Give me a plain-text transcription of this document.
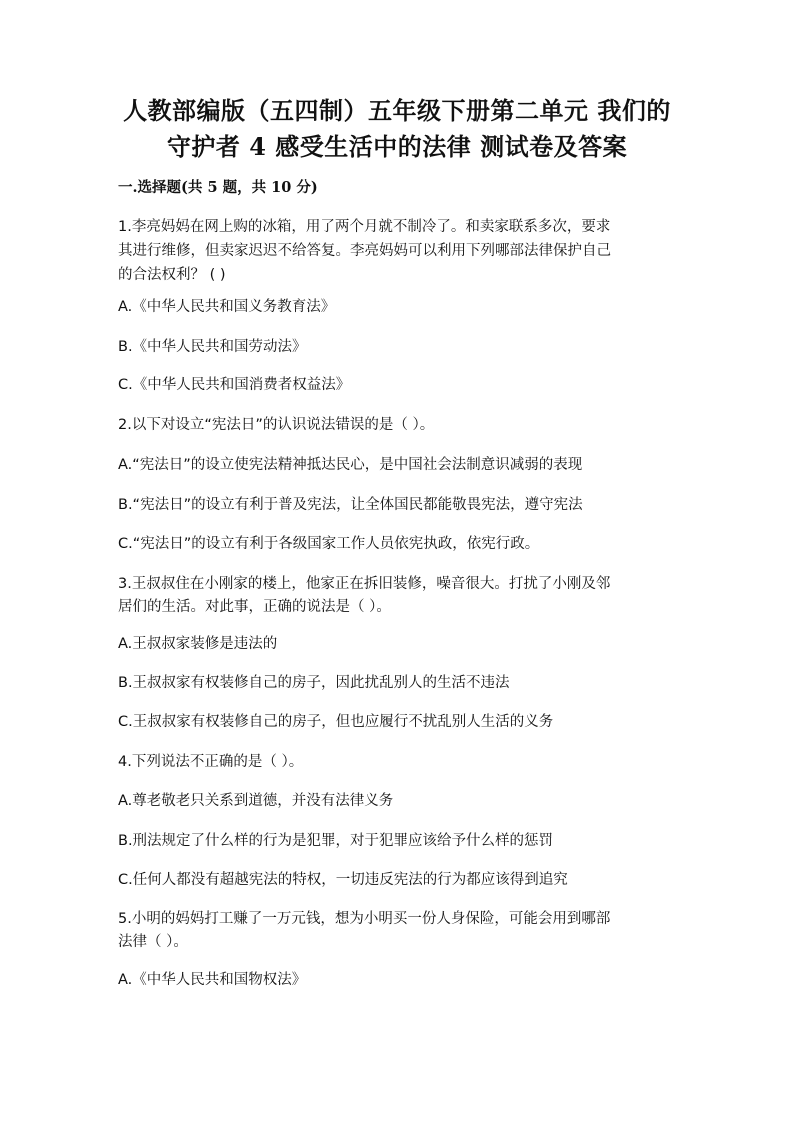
人教部编版（五四制）五年级下册第二单元 我们的
守护者 4 感受生活中的法律 测试卷及答案
一.选择题(共 5 题，共 10 分)
1.李亮妈妈在网上购的冰箱，用了两个月就不制冷了。和卖家联系多次，要求
其进行维修，但卖家迟迟不给答复。李亮妈妈可以利用下列哪部法律保护自己
的合法权利？ ( )
A.《中华人民共和国义务教育法》
B.《中华人民共和国劳动法》
C.《中华人民共和国消费者权益法》
2.以下对设立“宪法日”的认识说法错误的是（ ）。
A.“宪法日”的设立使宪法精神抵达民心，是中国社会法制意识减弱的表现
B.“宪法日”的设立有利于普及宪法，让全体国民都能敬畏宪法，遵守宪法
C.“宪法日”的设立有利于各级国家工作人员依宪执政，依宪行政。
3.王叔叔住在小刚家的楼上，他家正在拆旧装修，噪音很大。打扰了小刚及邻
居们的生活。对此事，正确的说法是（ ）。
A.王叔叔家装修是违法的
B.王叔叔家有权装修自己的房子，因此扰乱别人的生活不违法
C.王叔叔家有权装修自己的房子，但也应履行不扰乱别人生活的义务
4.下列说法不正确的是（ ）。
A.尊老敬老只关系到道德，并没有法律义务
B.刑法规定了什么样的行为是犯罪，对于犯罪应该给予什么样的惩罚
C.任何人都没有超越宪法的特权，一切违反宪法的行为都应该得到追究
5.小明的妈妈打工赚了一万元钱，想为小明买一份人身保险，可能会用到哪部
法律（ ）。
A.《中华人民共和国物权法》
